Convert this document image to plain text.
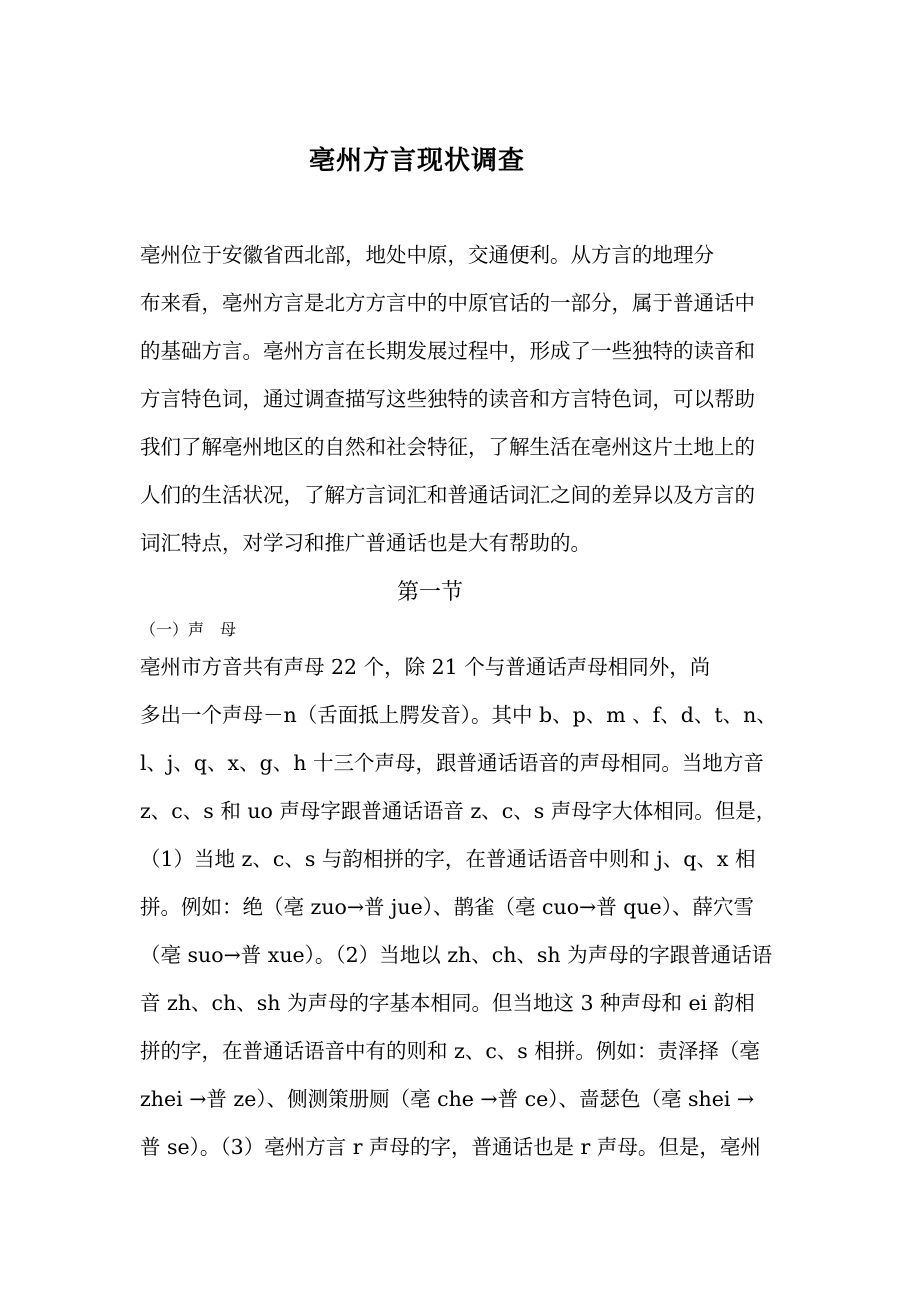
亳州方言现状调查
亳州位于安徽省西北部，地处中原，交通便利。从方言的地理分
布来看，亳州方言是北方方言中的中原官话的一部分，属于普通话中
的基础方言。亳州方言在长期发展过程中，形成了一些独特的读音和
方言特色词，通过调查描写这些独特的读音和方言特色词，可以帮助
我们了解亳州地区的自然和社会特征，了解生活在亳州这片土地上的
人们的生活状况，了解方言词汇和普通话词汇之间的差异以及方言的
词汇特点，对学习和推广普通话也是大有帮助的。
第一节
（一）声　母
亳州市方音共有声母 22 个，除 21 个与普通话声母相同外，尚
多出一个声母－n（舌面抵上腭发音）。其中 b、p、m 、f、d、t、n、
l、j、q、x、g、h 十三个声母，跟普通话语音的声母相同。当地方音
z、c、s 和 uo 声母字跟普通话语音 z、c、s 声母字大体相同。但是，
（1）当地 z、c、s 与韵相拼的字，在普通话语音中则和 j、q、x 相
拼。例如：绝（亳 zuo→普 jue）、鹊雀（亳 cuo→普 que）、薛穴雪
（亳 suo→普 xue）。（2）当地以 zh、ch、sh 为声母的字跟普通话语
音 zh、ch、sh 为声母的字基本相同。但当地这 3 种声母和 ei 韵相
拼的字，在普通话语音中有的则和 z、c、s 相拼。例如：责泽择（亳
zhei →普 ze）、侧测策册厕（亳 che →普 ce）、啬瑟色（亳 shei →
普 se）。（3）亳州方言 r 声母的字，普通话也是 r 声母。但是，亳州
